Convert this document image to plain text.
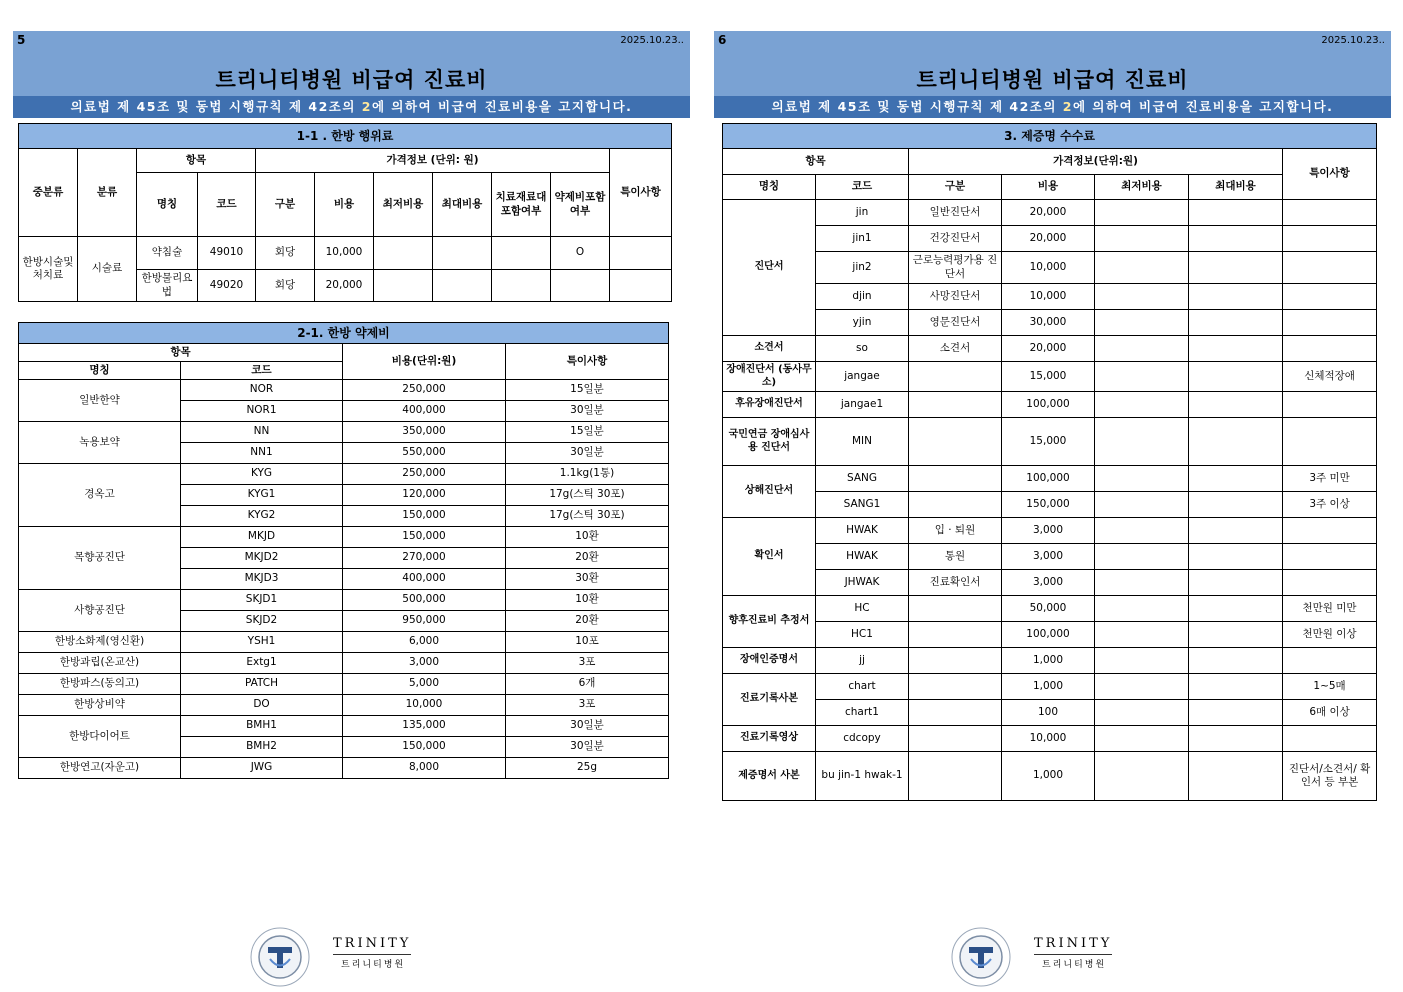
5	2025.10.23..
트리니티병원 비급여 진료비
의료법 제 45조 및 동법 시행규칙 제 42조의 2에 의하여 비급여 진료비용을 고지합니다.
1-1 . 한방 행위료										
중분류	분류	항목		가격정보 (단위: 원)						특이사항
		명칭	코드	구분	비용	최저비용	최대비용	치료재료대포함여부	약제비포함여부	
한방시술및처치료	시술료	약침술	49010	회당	10,000				O	
		한방물리요법	49020	회당	20,000					
2-1. 한방 약제비			
항목		비용(단위:원)	특이사항
명칭	코드		
일반한약	NOR	250,000	15일분
	NOR1	400,000	30일분
녹용보약	NN	350,000	15일분
	NN1	550,000	30일분
경옥고	KYG	250,000	1.1kg(1통)
	KYG1	120,000	17g(스틱 30포)
	KYG2	150,000	17g(스틱 30포)
목향공진단	MKJD	150,000	10환
	MKJD2	270,000	20환
	MKJD3	400,000	30환
사향공진단	SKJD1	500,000	10환
	SKJD2	950,000	20환
한방소화제(영신환)	YSH1	6,000	10포
한방과립(온교산)	Extg1	3,000	3포
한방파스(동의고)	PATCH	5,000	6개
한방상비약	DO	10,000	3포
한방다이어트	BMH1	135,000	30일분
	BMH2	150,000	30일분
한방연고(자운고)	JWG	8,000	25g
TRINITY
트리니티병원
6	2025.10.23..
트리니티병원 비급여 진료비
의료법 제 45조 및 동법 시행규칙 제 42조의 2에 의하여 비급여 진료비용을 고지합니다.
3. 제증명 수수료						
항목		가격정보(단위:원)				특이사항
명칭	코드	구분	비용	최저비용	최대비용	
진단서	jin	일반진단서	20,000			
	jin1	건강진단서	20,000			
	jin2	근로능력평가용 진단서	10,000			
	djin	사망진단서	10,000			
	yjin	영문진단서	30,000			
소견서	so	소견서	20,000			
장애진단서 (동사무소)	jangae		15,000			신체적장애
후유장애진단서	jangae1		100,000			
국민연금 장애심사용 진단서	MIN		15,000			
상해진단서	SANG		100,000			3주 미만
	SANG1		150,000			3주 이상
확인서	HWAK	입 · 퇴원	3,000			
	HWAK	통원	3,000			
	JHWAK	진료확인서	3,000			
향후진료비 추정서	HC		50,000			천만원 미만
	HC1		100,000			천만원 이상
장애인증명서	jj		1,000			
진료기록사본	chart		1,000			1~5매
	chart1		100			6매 이상
진료기록영상	cdcopy		10,000			
제증명서 사본	bu jin-1 hwak-1		1,000			진단서/소견서/ 확인서 등 부본
TRINITY
트리니티병원
